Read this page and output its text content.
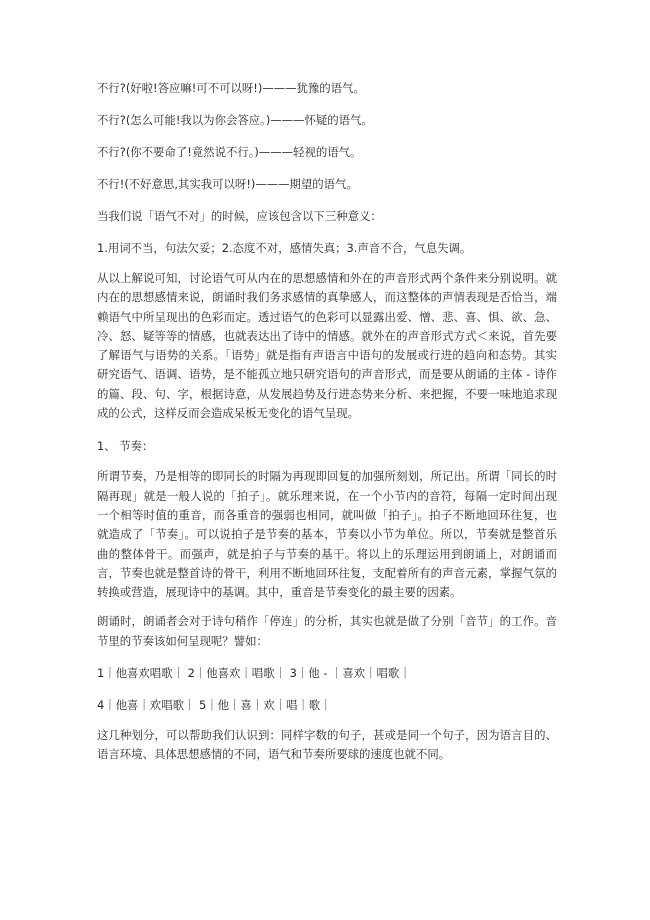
不行?(好啦!答应嘛!可不可以呀!)———犹豫的语气。

不行?(怎么可能!我以为你会答应。)———怀疑的语气。

不行?(你不要命了!竟然说不行。)———轻视的语气。

不行!(不好意思,其实我可以呀!)———期望的语气。

当我们说「语气不对」的时候，应该包含以下三种意义：

1.用词不当，句法欠妥；2.态度不对，感情失真；3.声音不合，气息失调。

从以上解说可知，讨论语气可从内在的思想感情和外在的声音形式两个条件来分别说明。就内在的思想感情来说，朗诵时我们务求感情的真挚感人，而这整体的声情表现是否恰当，端赖语气中所呈现出的色彩而定。透过语气的色彩可以显露出爱、憎、悲、喜、惧、欲、急、冷、怒、疑等等的情感，也就表达出了诗中的情感。就外在的声音形式方式＜来说，首先要了解语气与语势的关系。「语势」就是指有声语言中语句的发展或行进的趋向和态势。其实研究语气、语调、语势，是不能孤立地只研究语句的声音形式，而是要从朗诵的主体 - 诗作的篇、段、句、字，根据诗意，从发展趋势及行进态势来分析、来把握，不要一味地追求现成的公式，这样反而会造成呆板无变化的语气呈现。

1、 节奏：

所谓节奏，乃是相等的即同长的时隔为再现即回复的加强所刻划，所记出。所谓「同长的时隔再现」就是一般人说的「拍子」。就乐理来说，在一个小节内的音符，每隔一定时间出现一个相等时值的重音，而各重音的强弱也相同，就叫做「拍子」。拍子不断地回环往复，也就造成了「节奏」。可以说拍子是节奏的基本，节奏以小节为单位。所以，节奏就是整首乐曲的整体骨干。而强声，就是拍子与节奏的基干。将以上的乐理运用到朗诵上，对朗诵而言，节奏也就是整首诗的骨干，利用不断地回环往复，支配着所有的声音元素，掌握气氛的转换或营造，展现诗中的基调。其中，重音是节奏变化的最主要的因素。

朗诵时，朗诵者会对于诗句稍作「停连」的分析，其实也就是做了分别「音节」的工作。音节里的节奏该如何呈现呢？譬如：

1｜他喜欢唱歌｜ 2｜他喜欢｜唱歌｜ 3｜他 - ｜喜欢｜唱歌｜

4｜他喜｜欢唱歌｜ 5｜他｜喜｜欢｜唱｜歌｜

这几种划分，可以帮助我们认识到：同样字数的句子，甚或是同一个句子，因为语言目的、语言环境、具体思想感情的不同，语气和节奏所要球的速度也就不同。
